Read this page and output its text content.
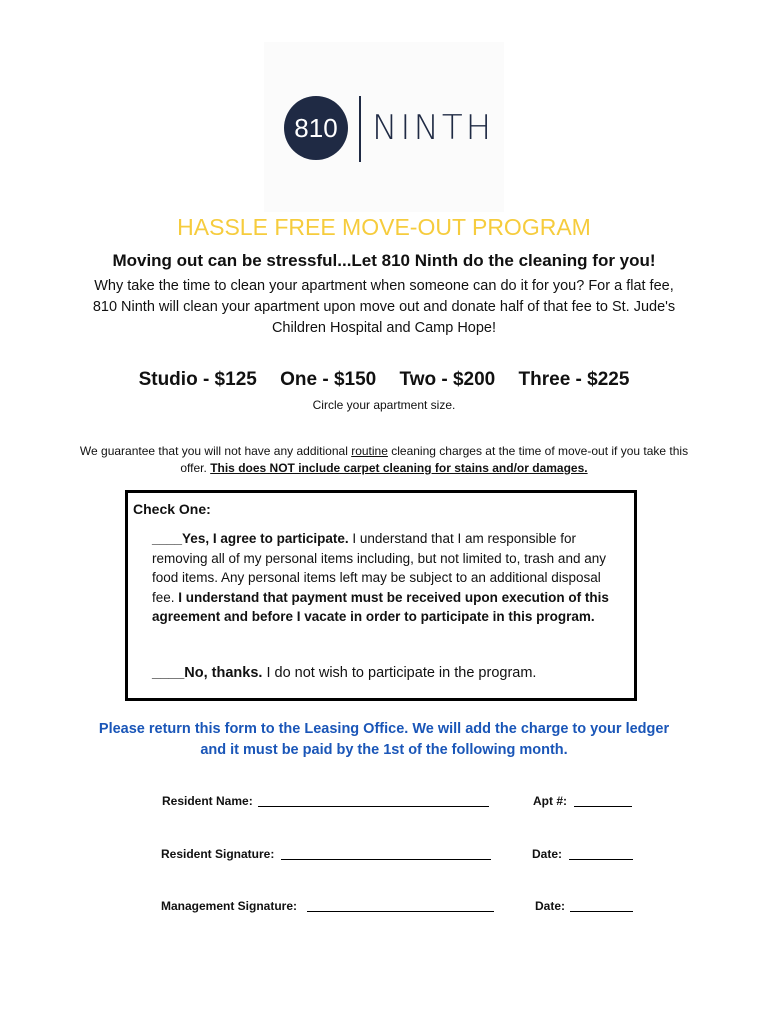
810	NINTH
HASSLE FREE MOVE-OUT PROGRAM
Moving out can be stressful...Let 810 Ninth do the cleaning for you!
Why take the time to clean your apartment when someone can do it for you? For a flat fee, 810 Ninth will clean your apartment upon move out and donate half of that fee to St. Jude's Children Hospital and Camp Hope!
Studio - $125 One - $150 Two - $200 Three - $225
Circle your apartment size.
We guarantee that you will not have any additional routine cleaning charges at the time of move-out if you take this offer. This does NOT include carpet cleaning for stains and/or damages.
Check One:
____Yes, I agree to participate. I understand that I am responsible for removing all of my personal items including, but not limited to, trash and any food items. Any personal items left may be subject to an additional disposal fee. I understand that payment must be received upon execution of this agreement and before I vacate in order to participate in this program.
____No, thanks. I do not wish to participate in the program.
Please return this form to the Leasing Office. We will add the charge to your ledger and it must be paid by the 1st of the following month.
Resident Name:	Apt #:
Resident Signature:	Date:
Management Signature:	Date:
